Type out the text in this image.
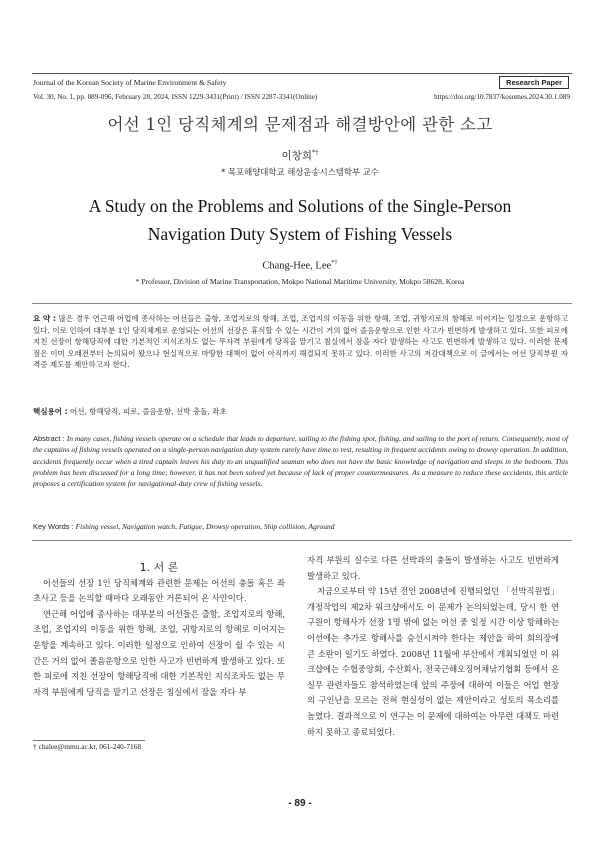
Journal of the Korean Society of Marine Environment & Safety	Research Paper
Vol. 30, No. 1, pp. 089-096, February 28, 2024, ISSN 1229-3431(Print) / ISSN 2287-3341(Online)	https://doi.org/10.7837/kosomes.2024.30.1.089
어선 1인 당직체계의 문제점과 해결방안에 관한 소고
이창희*†
* 목포해양대학교 해상운송시스템학부 교수
A Study on the Problems and Solutions of the Single-Person
Navigation Duty System of Fishing Vessels
Chang-Hee, Lee*†
* Professor, Division of Marine Transportation, Mokpo National Maritime University, Mokpo 58628, Korea
요 약 : 많은 경우 연근해 어업에 종사하는 어선들은 출항, 조업지로의 항해, 조업, 조업지의 이동을 위한 항해, 조업, 귀항지로의 항해로 이어지는 일정으로 운항하고 있다. 이로 인하여 대부분 1인 당직체계로 운영되는 어선의 선장은 휴식할 수 있는 시간이 거의 없어 졸음운항으로 인한 사고가 빈번하게 발생하고 있다. 또한 피로에 지친 선장이 항해당직에 대한 기본적인 지식조차도 없는 무자격 부원에게 당직을 맡기고 침실에서 잠을 자다 발생하는 사고도 빈번하게 발생하고 있다. 이러한 문제점은 이미 오래전부터 논의되어 왔으나 현실적으로 마땅한 대책이 없어 아직까지 해결되지 못하고 있다. 이러한 사고의 저감대책으로 이 글에서는 어선 당직부원 자격증 제도를 제안하고자 한다.
핵심용어 : 어선, 항해당직, 피로, 졸음운항, 선박 충돌, 좌초
Abstract : In many cases, fishing vessels operate on a schedule that leads to departure, sailing to the fishing spot, fishing, and sailing to the port of return. Consequently, most of the captains of fishing vessels operated on a single-person navigation duty system rarely have time to rest, resulting in frequent accidents owing to drowsy operation. In addition, accidents frequently occur when a tired captain leaves his duty to an unqualified seaman who does not have the basic knowledge of navigation and sleeps in the bedroom. This problem has been discussed for a long time; however, it has not been solved yet because of lack of proper countermeasures. As a measure to reduce these accidents, this article proposes a certification system for navigational-duty crew of fishing vessels.
Key Words : Fishing vessel, Navigation watch, Fatigue, Drowsy operation, Ship collision, Aground

1. 서 론

어선들의 선장 1인 당직체계와 관련한 문제는 어선의 충돌 혹은 좌초사고 등을 논의할 때마다 오래동안 거론되어 온 사안이다.

연근해 어업에 종사하는 대부분의 어선들은 출항, 조업지로의 항해, 조업, 조업지의 이동을 위한 항해, 조업, 귀항지로의 항해로 이어지는 운항을 계속하고 있다. 이러한 일정으로 인하여 선장이 쉴 수 있는 시간은 거의 없어 졸음운항으로 인한 사고가 빈번하게 발생하고 있다. 또한 피로에 지친 선장이 항해당직에 대한 기본적인 지식조차도 없는 무자격 부원에게 당직을 맡기고 선장은 침실에서 잠을 자다 부

자격 부원의 실수로 다른 선박과의 충돌이 발생하는 사고도 빈번하게 발생하고 있다.

지금으로부터 약 15년 전인 2008년에 진행되었던 「선박직원법」 개정작업의 제2차 워크샵에서도 이 문제가 논의되었는데, 당시 한 연구원이 항해사가 선장 1명 밖에 없는 어선 중 일정 시간 이상 항해하는 어선에는 추가로 항해사를 승선시켜야 한다는 제안을 하여 회의장에 큰 소란이 일기도 하였다. 2008년 11월에 부산에서 개최되었던 이 워크샵에는 수협중앙회, 수산회사, 전국근해오징어채낚기협회 등에서 온 실무 관련자들도 참석하였는데 앞의 주장에 대하여 이들은 어업 현장의 구인난을 모르는 전혀 현실성이 없는 제안이라고 성토의 목소리를 높였다. 결과적으로 이 연구는 이 문제에 대하여는 아무런 대책도 마련하지 못하고 종료되었다.

† chalee@mmu.ac.kr, 061-240-7168
- 89 -
